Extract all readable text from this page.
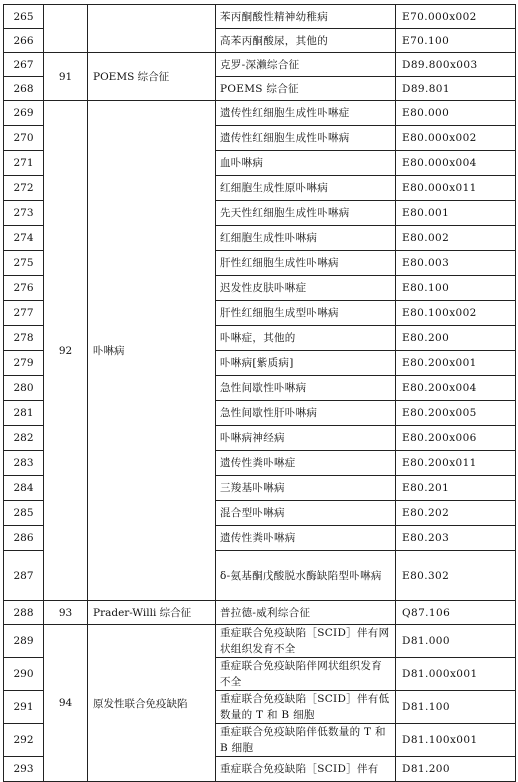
265			苯丙酮酸性精神幼稚病	E70.000x002
266			高苯丙酮酸尿，其他的	E70.100
267	91	POEMS 综合征	克罗-深濑综合征	D89.800x003
268			POEMS 综合征	D89.801
269	92	卟啉病	遗传性红细胞生成性卟啉症	E80.000
270			遗传性红细胞生成性卟啉病	E80.000x002
271			血卟啉病	E80.000x004
272			红细胞生成性原卟啉病	E80.000x011
273			先天性红细胞生成性卟啉病	E80.001
274			红细胞生成性卟啉病	E80.002
275			肝性红细胞生成性卟啉病	E80.003
276			迟发性皮肤卟啉症	E80.100
277			肝性红细胞生成型卟啉病	E80.100x002
278			卟啉症，其他的	E80.200
279			卟啉病[紫质病]	E80.200x001
280			急性间歇性卟啉病	E80.200x004
281			急性间歇性肝卟啉病	E80.200x005
282			卟啉病神经病	E80.200x006
283			遗传性粪卟啉症	E80.200x011
284			三羧基卟啉病	E80.201
285			混合型卟啉病	E80.202
286			遗传性粪卟啉病	E80.203
287			δ-氨基酮戊酸脱水酶缺陷型卟啉病	E80.302
288	93	Prader-Willi 综合征	普拉德-威利综合征	Q87.106
289	94	原发性联合免疫缺陷	重症联合免疫缺陷［SCID］伴有网状组织发育不全	D81.000
290			重症联合免疫缺陷伴网状组织发育不全	D81.000x001
291			重症联合免疫缺陷［SCID］伴有低数量的 T 和 B 细胞	D81.100
292			重症联合免疫缺陷伴低数量的 T 和 B 细胞	D81.100x001
293			重症联合免疫缺陷［SCID］伴有	D81.200
